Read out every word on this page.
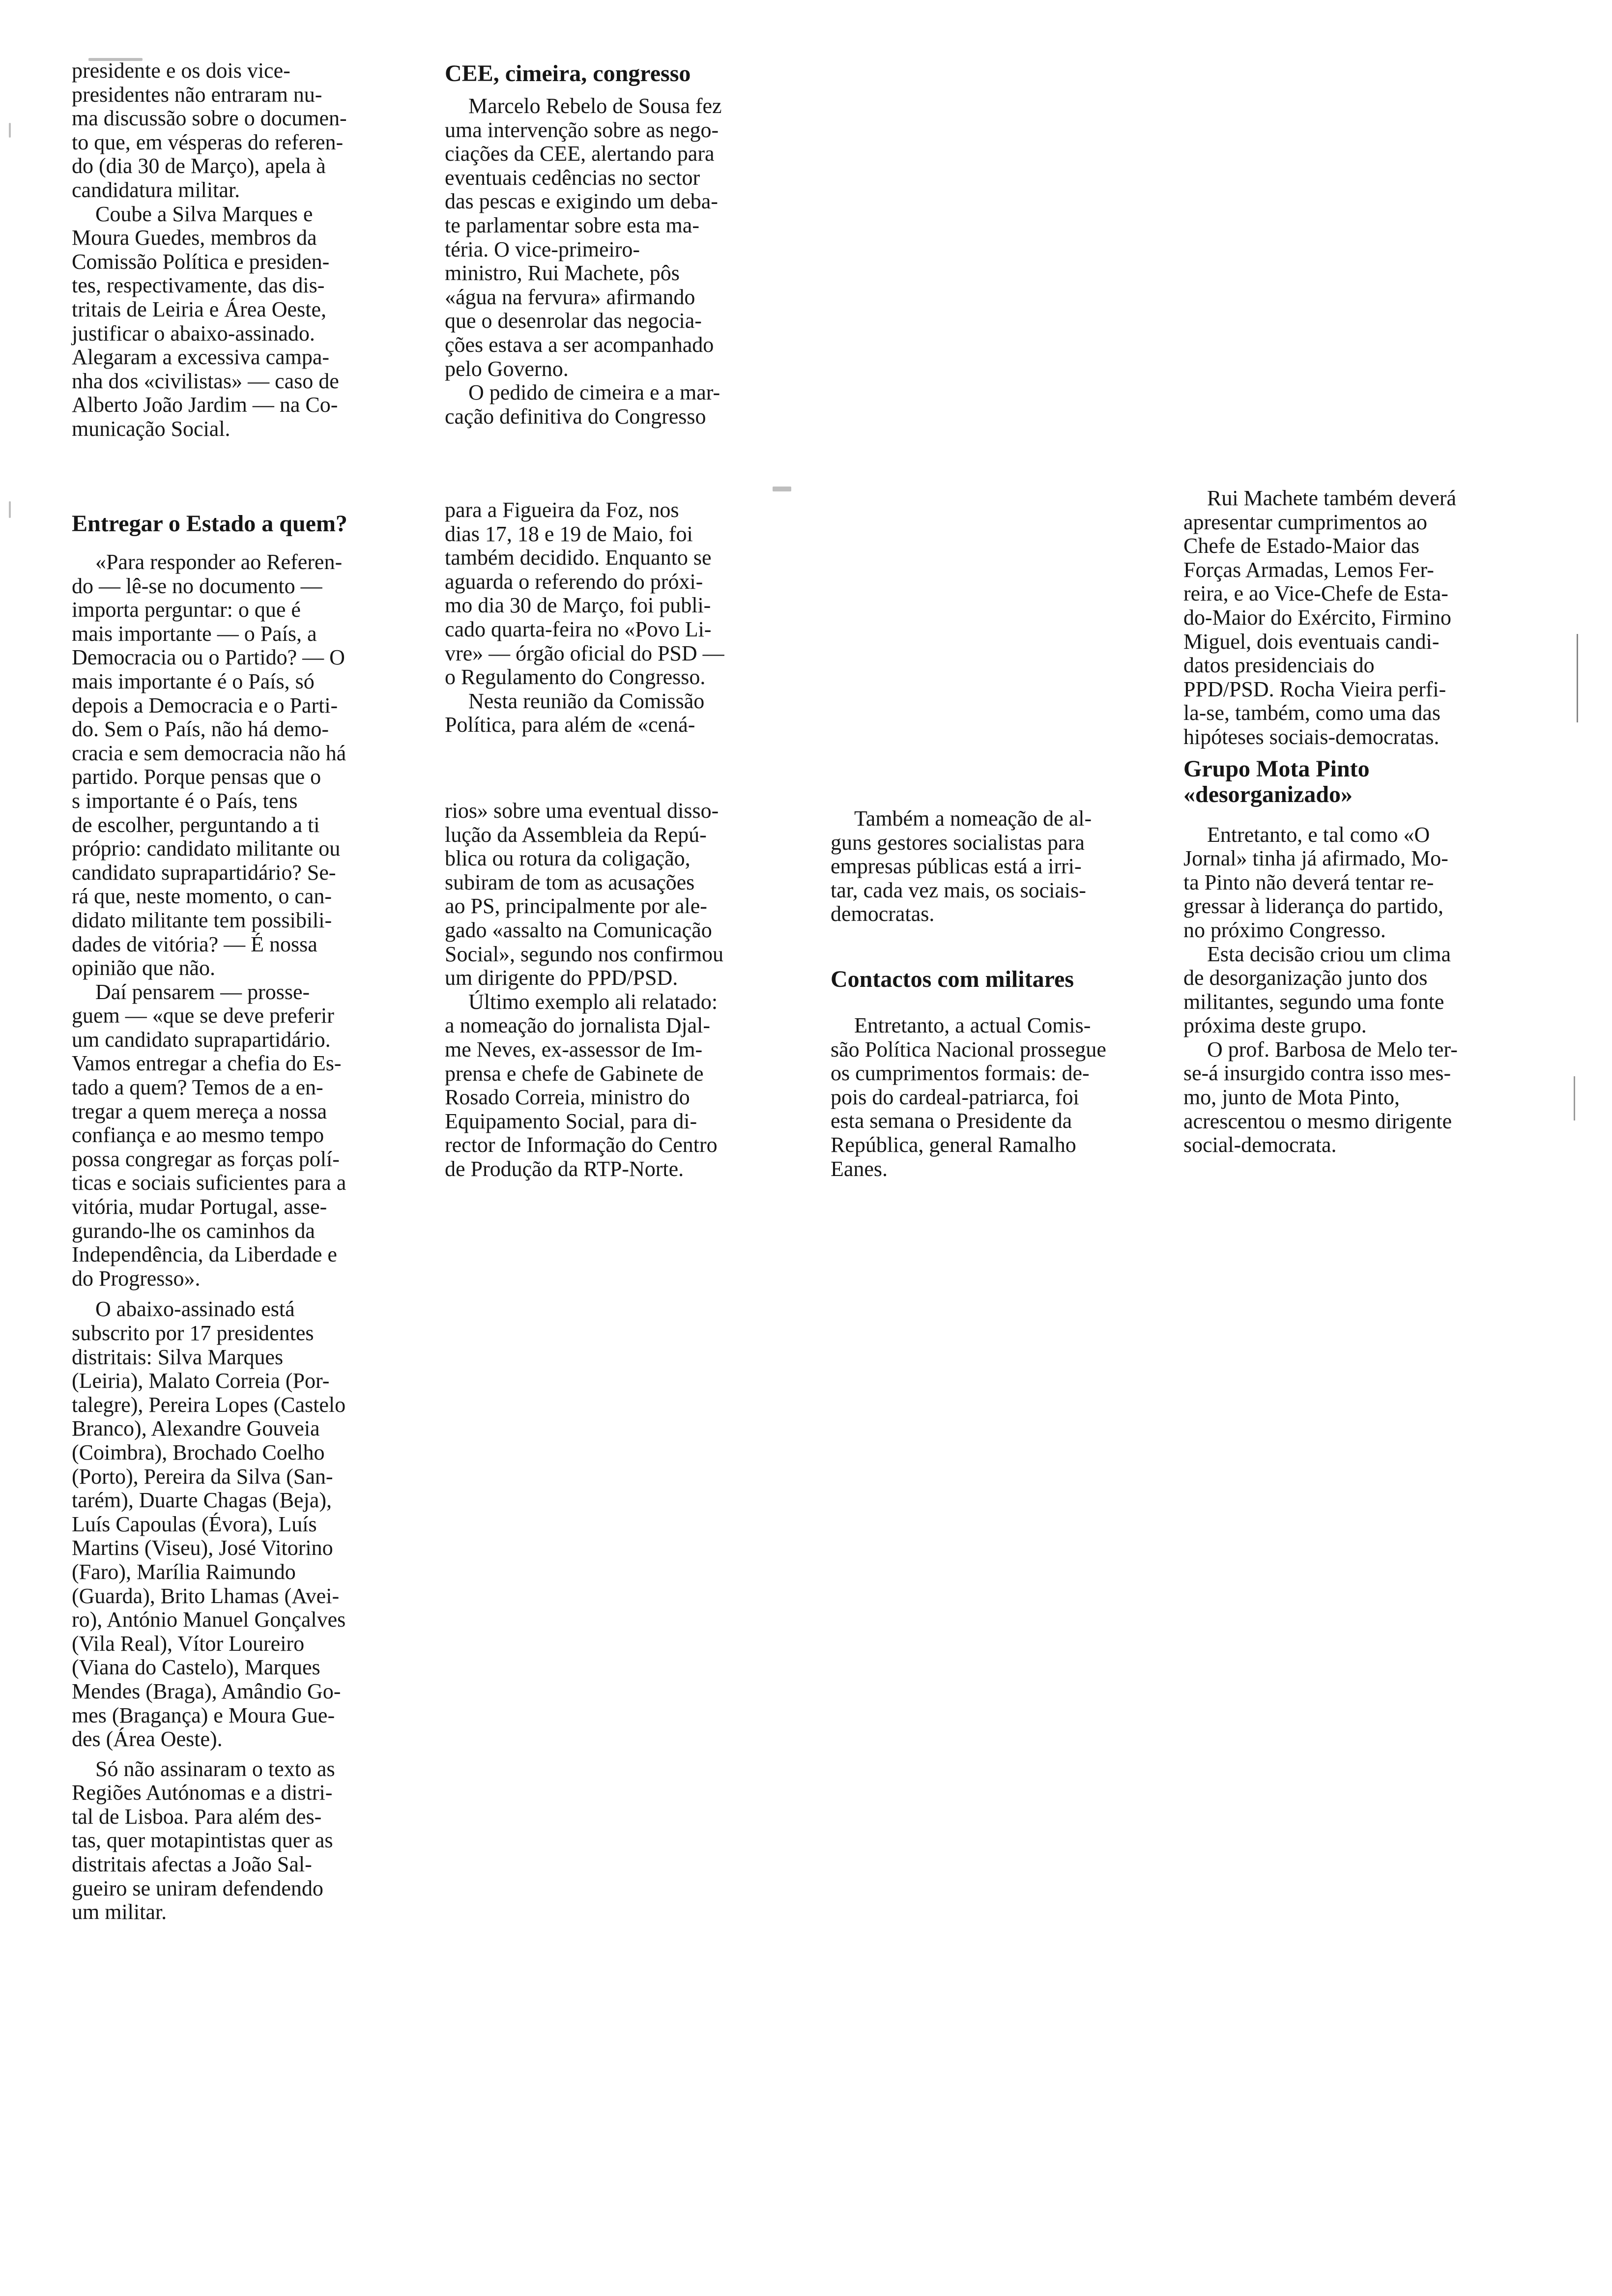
presidente e os dois vice-
presidentes não entraram nu-
ma discussão sobre o documen-
to que, em vésperas do referen-
do (dia 30 de Março), apela à
candidatura militar.

Coube a Silva Marques e
Moura Guedes, membros da
Comissão Política e presiden-
tes, respectivamente, das dis-
tritais de Leiria e Área Oeste,
justificar o abaixo-assinado.
Alegaram a excessiva campa-
nha dos «civilistas» — caso de
Alberto João Jardim — na Co-
municação Social.

Entregar o Estado a quem?

«Para responder ao Referen-
do — lê-se no documento —
importa perguntar: o que é
mais importante — o País, a
Democracia ou o Partido? — O
mais importante é o País, só
depois a Democracia e o Parti-
do. Sem o País, não há demo-
cracia e sem democracia não há
partido. Porque pensas que o
s importante é o País, tens
de escolher, perguntando a ti
próprio: candidato militante ou
candidato suprapartidário? Se-
rá que, neste momento, o can-
didato militante tem possibili-
dades de vitória? — É nossa
opinião que não.

Daí pensarem — prosse-
guem — «que se deve preferir
um candidato suprapartidário.
Vamos entregar a chefia do Es-
tado a quem? Temos de a en-
tregar a quem mereça a nossa
confiança e ao mesmo tempo
possa congregar as forças polí-
ticas e sociais suficientes para a
vitória, mudar Portugal, asse-
gurando-lhe os caminhos da
Independência, da Liberdade e
do Progresso».

O abaixo-assinado está
subscrito por 17 presidentes
distritais: Silva Marques
(Leiria), Malato Correia (Por-
talegre), Pereira Lopes (Castelo
Branco), Alexandre Gouveia
(Coimbra), Brochado Coelho
(Porto), Pereira da Silva (San-
tarém), Duarte Chagas (Beja),
Luís Capoulas (Évora), Luís
Martins (Viseu), José Vitorino
(Faro), Marília Raimundo
(Guarda), Brito Lhamas (Avei-
ro), António Manuel Gonçalves
(Vila Real), Vítor Loureiro
(Viana do Castelo), Marques
Mendes (Braga), Amândio Go-
mes (Bragança) e Moura Gue-
des (Área Oeste).

Só não assinaram o texto as
Regiões Autónomas e a distri-
tal de Lisboa. Para além des-
tas, quer motapintistas quer as
distritais afectas a João Sal-
gueiro se uniram defendendo
um militar.

CEE, cimeira, congresso

Marcelo Rebelo de Sousa fez
uma intervenção sobre as nego-
ciações da CEE, alertando para
eventuais cedências no sector
das pescas e exigindo um deba-
te parlamentar sobre esta ma-
téria. O vice-primeiro-
ministro, Rui Machete, pôs
«água na fervura» afirmando
que o desenrolar das negocia-
ções estava a ser acompanhado
pelo Governo.

O pedido de cimeira e a mar-
cação definitiva do Congresso

para a Figueira da Foz, nos
dias 17, 18 e 19 de Maio, foi
também decidido. Enquanto se
aguarda o referendo do próxi-
mo dia 30 de Março, foi publi-
cado quarta-feira no «Povo Li-
vre» — órgão oficial do PSD —
o Regulamento do Congresso.

Nesta reunião da Comissão
Política, para além de «cená-

rios» sobre uma eventual disso-
lução da Assembleia da Repú-
blica ou rotura da coligação,
subiram de tom as acusações
ao PS, principalmente por ale-
gado «assalto na Comunicação
Social», segundo nos confirmou
um dirigente do PPD/PSD.

Último exemplo ali relatado:
a nomeação do jornalista Djal-
me Neves, ex-assessor de Im-
prensa e chefe de Gabinete de
Rosado Correia, ministro do
Equipamento Social, para di-
rector de Informação do Centro
de Produção da RTP-Norte.

Também a nomeação de al-
guns gestores socialistas para
empresas públicas está a irri-
tar, cada vez mais, os sociais-
democratas.

Contactos com militares

Entretanto, a actual Comis-
são Política Nacional prossegue
os cumprimentos formais: de-
pois do cardeal-patriarca, foi
esta semana o Presidente da
República, general Ramalho
Eanes.

Rui Machete também deverá
apresentar cumprimentos ao
Chefe de Estado-Maior das
Forças Armadas, Lemos Fer-
reira, e ao Vice-Chefe de Esta-
do-Maior do Exército, Firmino
Miguel, dois eventuais candi-
datos presidenciais do
PPD/PSD. Rocha Vieira perfi-
la-se, também, como uma das
hipóteses sociais-democratas.

Grupo Mota Pinto
«desorganizado»

Entretanto, e tal como «O
Jornal» tinha já afirmado, Mo-
ta Pinto não deverá tentar re-
gressar à liderança do partido,
no próximo Congresso.

Esta decisão criou um clima
de desorganização junto dos
militantes, segundo uma fonte
próxima deste grupo.

O prof. Barbosa de Melo ter-
se-á insurgido contra isso mes-
mo, junto de Mota Pinto,
acrescentou o mesmo dirigente
social-democrata.
